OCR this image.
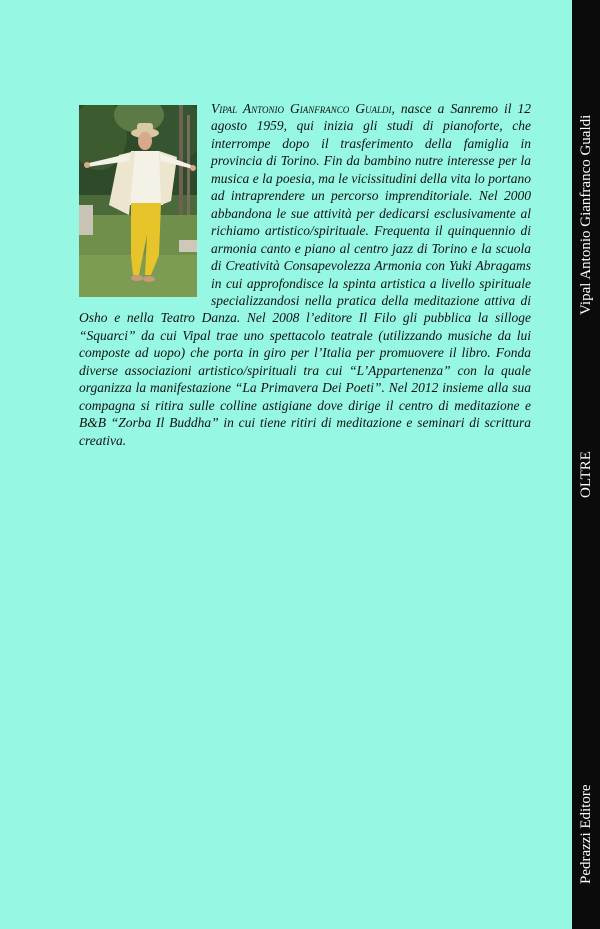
Vipal Antonio Gianfranco Gualdi, nasce a Sanremo il 12 agosto 1959, qui inizia gli studi di pianoforte, che interrompe dopo il trasferimento della famiglia in provincia di Torino. Fin da bambino nutre interesse per la musica e la poesia, ma le vicissitudini della vita lo portano ad intraprendere un percorso imprenditoriale. Nel 2000 abbandona le sue attività per dedicarsi esclusivamente al richiamo artistico/spirituale. Frequenta il quinquennio di armonia canto e piano al centro jazz di Torino e la scuola di Creatività Consapevolezza Armonia con Yuki Abragams in cui approfondisce la spinta artistica a livello spirituale specializzandosi nella pratica della meditazione attiva di Osho e nella Teatro Danza. Nel 2008 l’editore Il Filo gli pubblica la silloge “Squarci” da cui Vipal trae uno spettacolo teatrale (utilizzando musiche da lui composte ad uopo) che porta in giro per l’Italia per promuovere il libro. Fonda diverse associazioni artistico/spirituali tra cui “L’Appartenenza” con la quale organizza la manifestazione “La Primavera Dei Poeti”. Nel 2012 insieme alla sua compagna si ritira sulle colline astigiane dove dirige il centro di meditazione e B&B “Zorba Il Buddha” in cui tiene ritiri di meditazione e seminari di scrittura creativa.

Vipal Antonio Gianfranco Gualdi
OLTRE
Pedrazzi Editore
